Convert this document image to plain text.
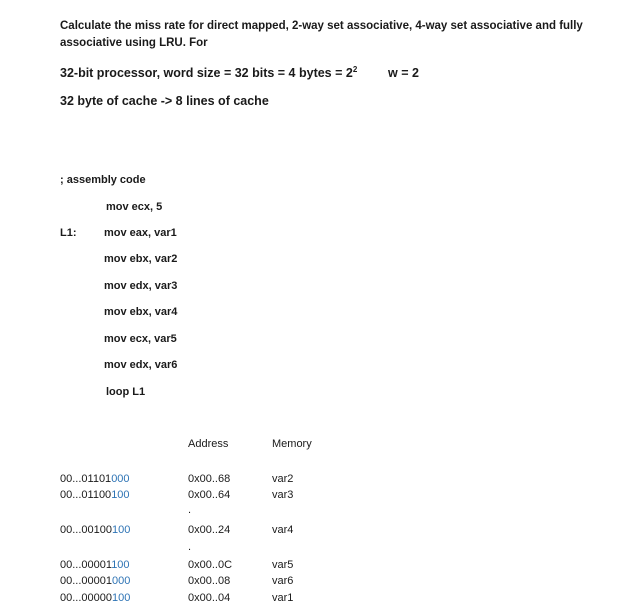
Calculate the miss rate for direct mapped, 2-way set associative, 4-way set associative and fully associative using LRU. For
32-bit processor, word size = 32 bits = 4 bytes = $2^2$ w = 2
32 byte of cache -> 8 lines of cache
; assembly code
mov ecx, 5
L1:	mov eax, var1
mov ebx, var2
mov edx, var3
mov ebx, var4
mov ecx, var5
mov edx, var6
loop L1
Address	Memory
00...01101000	0x00..68	var2
00...01100100	0x00..64	var3
.
00...00100100	0x00..24	var4
.
00...00001100	0x00..0C	var5
00...00001000	0x00..08	var6
00...00000100	0x00..04	var1
